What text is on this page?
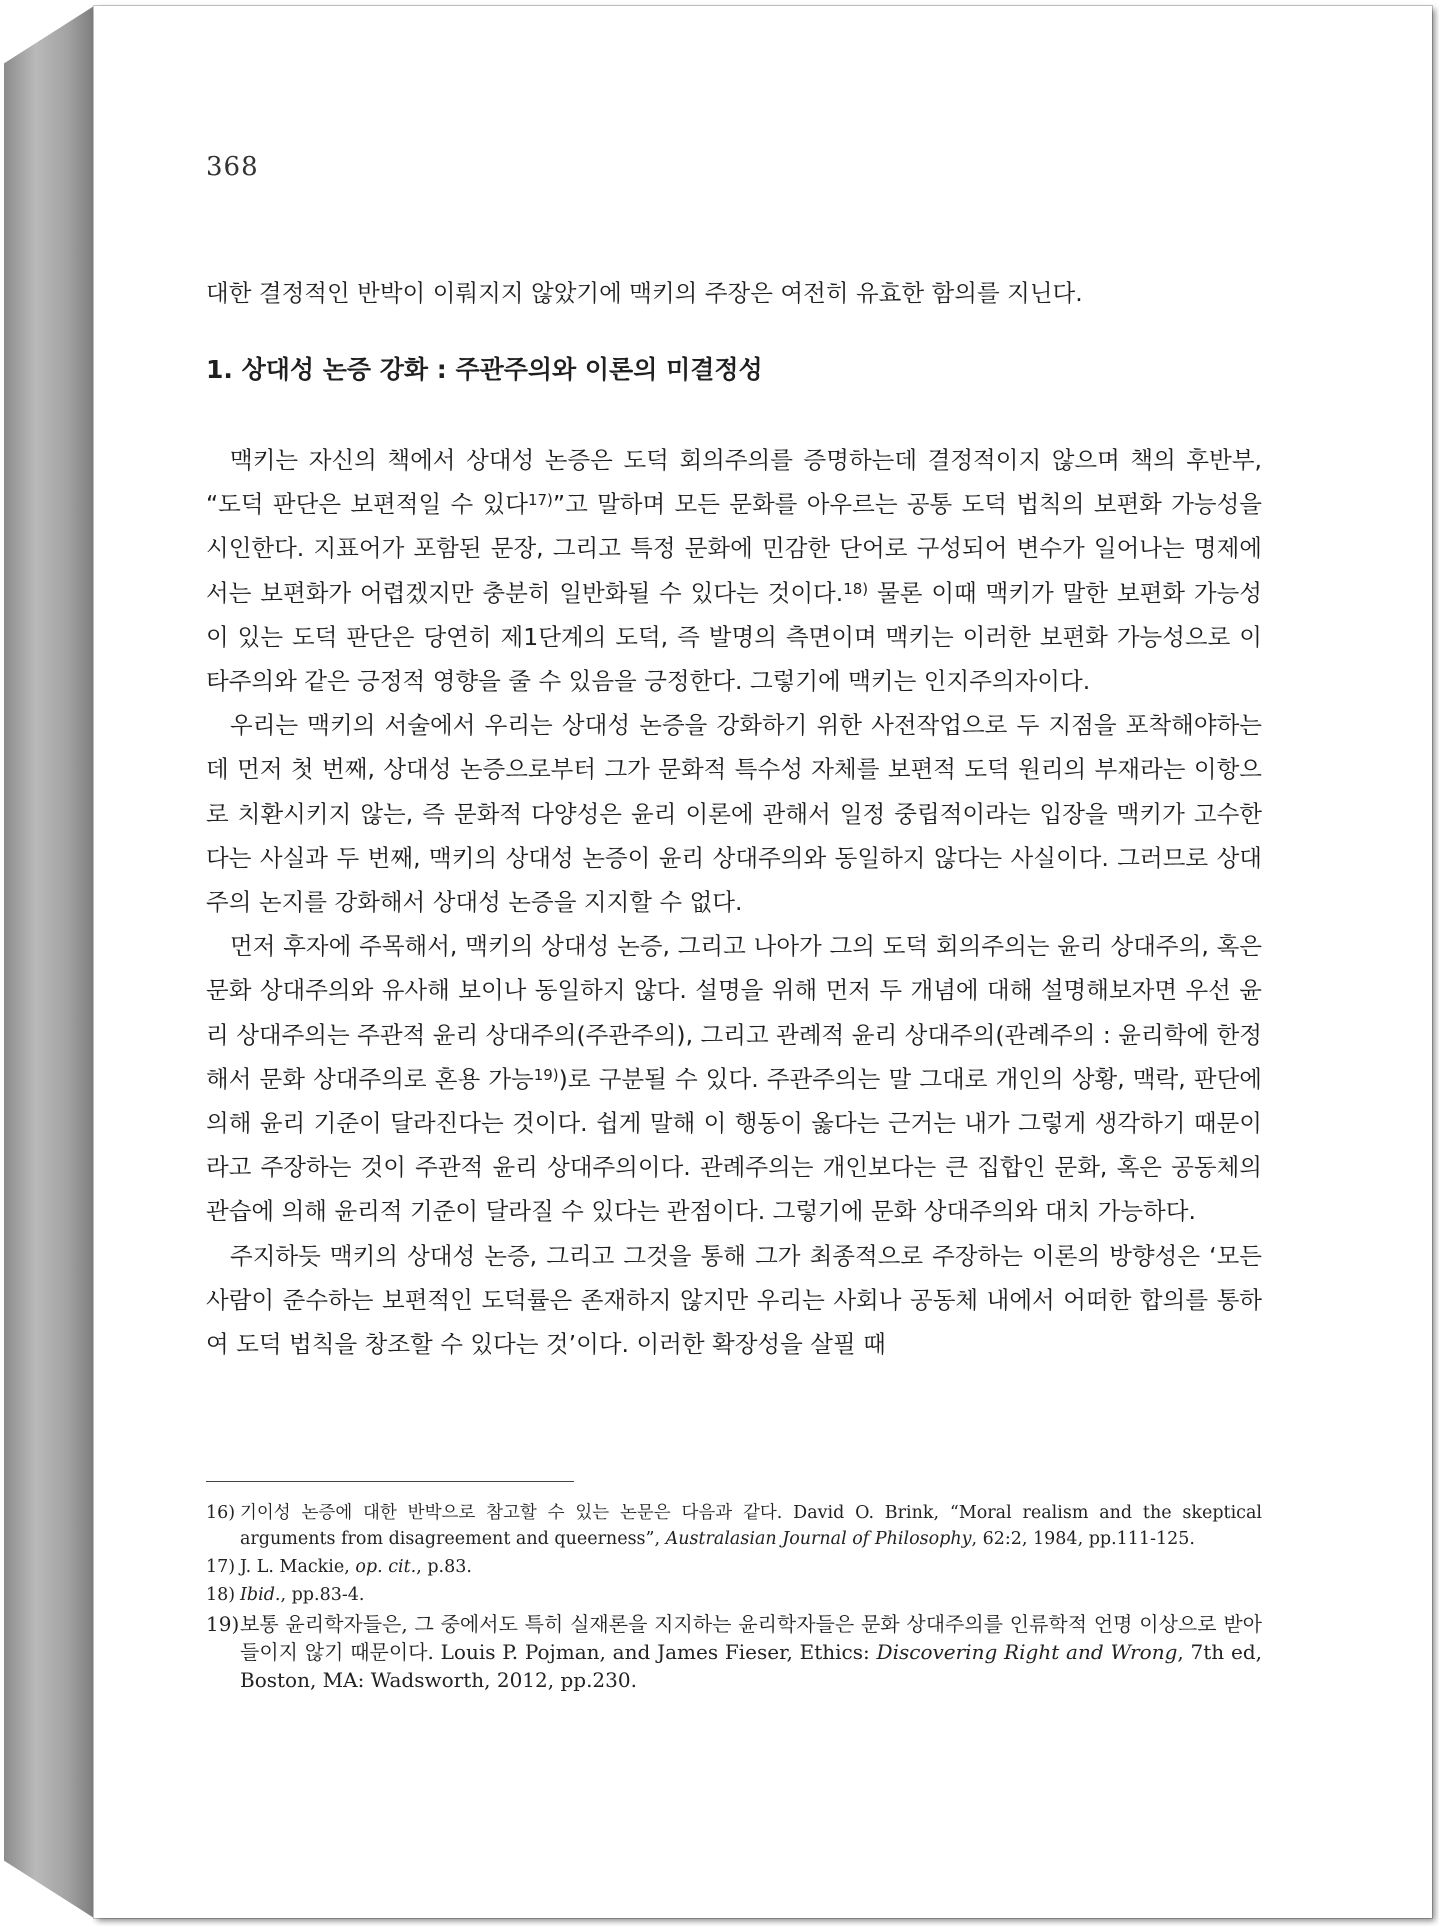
368
대한 결정적인 반박이 이뤄지지 않았기에 맥키의 주장은 여전히 유효한 함의를 지닌다.
1. 상대성 논증 강화 : 주관주의와 이론의 미결정성

맥키는 자신의 책에서 상대성 논증은 도덕 회의주의를 증명하는데 결정적이지 않으며 책의 후반부, “도덕 판단은 보편적일 수 있다$^{17)}$”고 말하며 모든 문화를 아우르는 공통 도덕 법칙의 보편화 가능성을 시인한다. 지표어가 포함된 문장, 그리고 특정 문화에 민감한 단어로 구성되어 변수가 일어나는 명제에서는 보편화가 어렵겠지만 충분히 일반화될 수 있다는 것이다.$^{18)}$ 물론 이때 맥키가 말한 보편화 가능성이 있는 도덕 판단은 당연히 제1단계의 도덕, 즉 발명의 측면이며 맥키는 이러한 보편화 가능성으로 이타주의와 같은 긍정적 영향을 줄 수 있음을 긍정한다. 그렇기에 맥키는 인지주의자이다.

우리는 맥키의 서술에서 우리는 상대성 논증을 강화하기 위한 사전작업으로 두 지점을 포착해야하는데 먼저 첫 번째, 상대성 논증으로부터 그가 문화적 특수성 자체를 보편적 도덕 원리의 부재라는 이항으로 치환시키지 않는, 즉 문화적 다양성은 윤리 이론에 관해서 일정 중립적이라는 입장을 맥키가 고수한다는 사실과 두 번째, 맥키의 상대성 논증이 윤리 상대주의와 동일하지 않다는 사실이다. 그러므로 상대주의 논지를 강화해서 상대성 논증을 지지할 수 없다.

먼저 후자에 주목해서, 맥키의 상대성 논증, 그리고 나아가 그의 도덕 회의주의는 윤리 상대주의, 혹은 문화 상대주의와 유사해 보이나 동일하지 않다. 설명을 위해 먼저 두 개념에 대해 설명해보자면 우선 윤리 상대주의는 주관적 윤리 상대주의(주관주의), 그리고 관례적 윤리 상대주의(관례주의 : 윤리학에 한정해서 문화 상대주의로 혼용 가능$^{19)}$)로 구분될 수 있다. 주관주의는 말 그대로 개인의 상황, 맥락, 판단에 의해 윤리 기준이 달라진다는 것이다. 쉽게 말해 이 행동이 옳다는 근거는 내가 그렇게 생각하기 때문이라고 주장하는 것이 주관적 윤리 상대주의이다. 관례주의는 개인보다는 큰 집합인 문화, 혹은 공동체의 관습에 의해 윤리적 기준이 달라질 수 있다는 관점이다. 그렇기에 문화 상대주의와 대치 가능하다.

주지하듯 맥키의 상대성 논증, 그리고 그것을 통해 그가 최종적으로 주장하는 이론의 방향성은 ‘모든 사람이 준수하는 보편적인 도덕률은 존재하지 않지만 우리는 사회나 공동체 내에서 어떠한 합의를 통하여 도덕 법칙을 창조할 수 있다는 것’이다. 이러한 확장성을 살필 때

16) 기이성 논증에 대한 반박으로 참고할 수 있는 논문은 다음과 같다. David O. Brink, “Moral realism and the skeptical arguments from disagreement and queerness”, Australasian Journal of Philosophy, 62:2, 1984, pp.111-125.
17) J. L. Mackie, op. cit., p.83.
18) Ibid., pp.83-4.
19) 보통 윤리학자들은, 그 중에서도 특히 실재론을 지지하는 윤리학자들은 문화 상대주의를 인류학적 언명 이상으로 받아들이지 않기 때문이다. Louis P. Pojman, and James Fieser, Ethics: Discovering Right and Wrong, 7th ed, Boston, MA: Wadsworth, 2012, pp.230.
